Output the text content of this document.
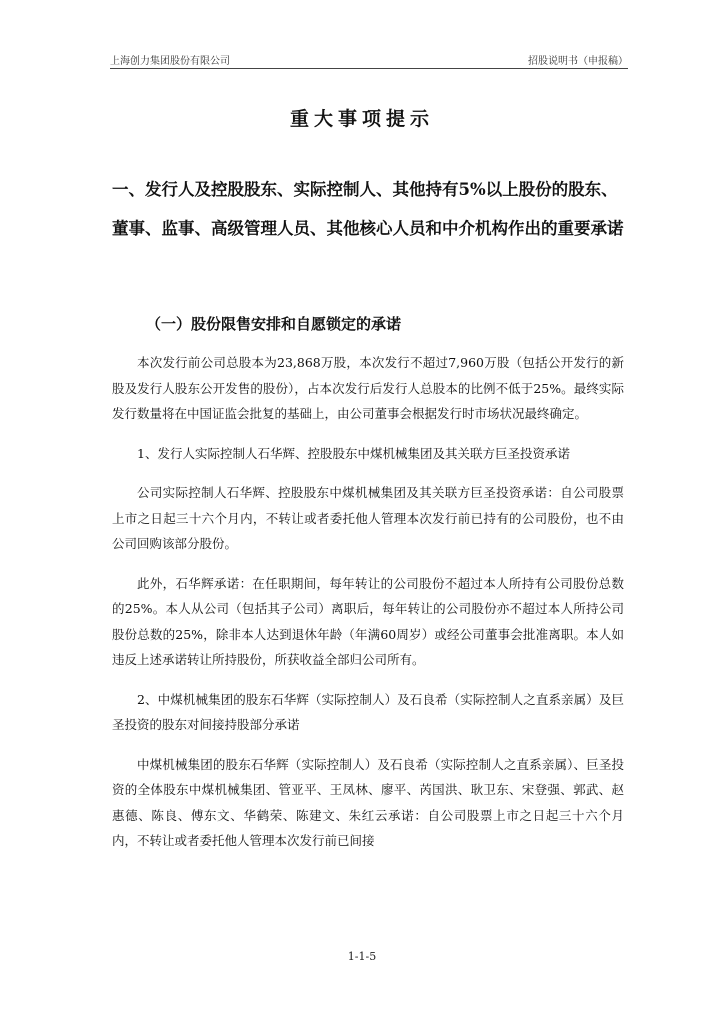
上海创力集团股份有限公司	招股说明书（申报稿）
重大事项提示
一、发行人及控股股东、实际控制人、其他持有5%以上股份的股东、董事、监事、高级管理人员、其他核心人员和中介机构作出的重要承诺
（一）股份限售安排和自愿锁定的承诺

本次发行前公司总股本为23,868万股，本次发行不超过7,960万股（包括公开发行的新股及发行人股东公开发售的股份），占本次发行后发行人总股本的比例不低于25%。最终实际发行数量将在中国证监会批复的基础上，由公司董事会根据发行时市场状况最终确定。

1、发行人实际控制人石华辉、控股股东中煤机械集团及其关联方巨圣投资承诺

公司实际控制人石华辉、控股股东中煤机械集团及其关联方巨圣投资承诺：自公司股票上市之日起三十六个月内，不转让或者委托他人管理本次发行前已持有的公司股份，也不由公司回购该部分股份。

此外，石华辉承诺：在任职期间，每年转让的公司股份不超过本人所持有公司股份总数的25%。本人从公司（包括其子公司）离职后，每年转让的公司股份亦不超过本人所持公司股份总数的25%，除非本人达到退休年龄（年满60周岁）或经公司董事会批准离职。本人如违反上述承诺转让所持股份，所获收益全部归公司所有。

2、中煤机械集团的股东石华辉（实际控制人）及石良希（实际控制人之直系亲属）及巨圣投资的股东对间接持股部分承诺

中煤机械集团的股东石华辉（实际控制人）及石良希（实际控制人之直系亲属）、巨圣投资的全体股东中煤机械集团、管亚平、王凤林、廖平、芮国洪、耿卫东、宋登强、郭武、赵惠德、陈良、傅东文、华鹤荣、陈建文、朱红云承诺：自公司股票上市之日起三十六个月内，不转让或者委托他人管理本次发行前已间接

1-1-5
